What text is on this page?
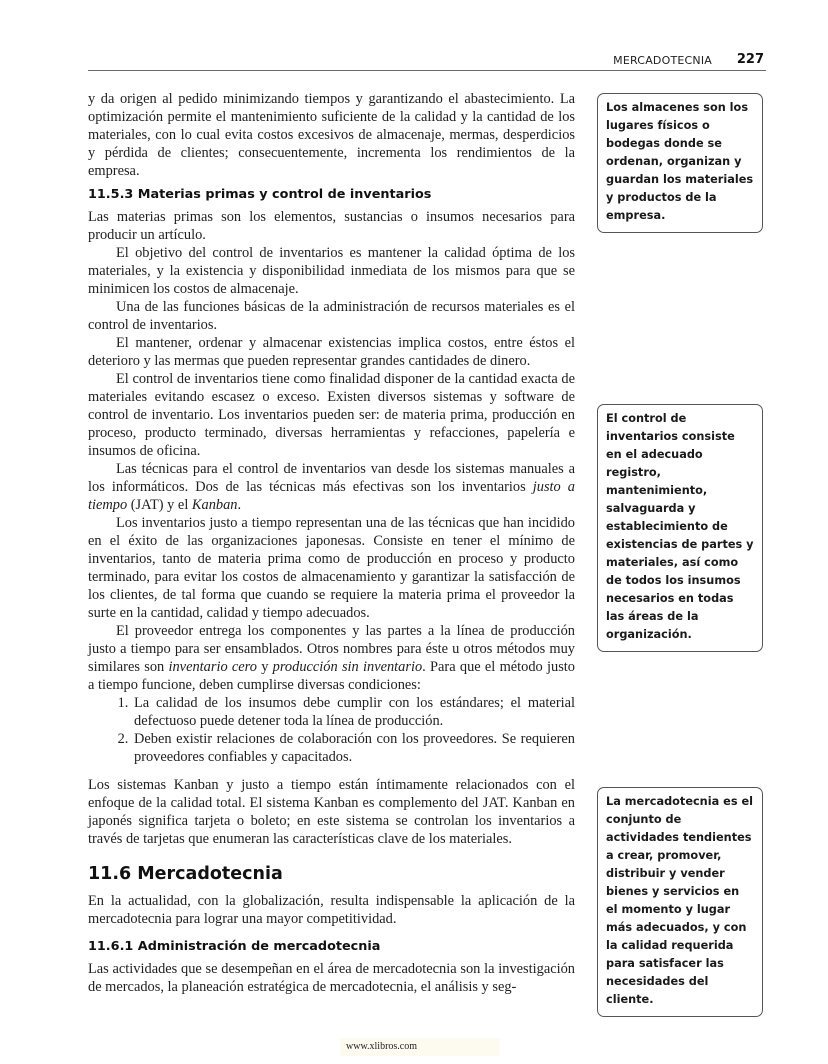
MERCADOTECNIA 227

y da origen al pedido minimizando tiempos y garantizando el abastecimiento. La optimización permite el mantenimiento suficiente de la calidad y la cantidad de los materiales, con lo cual evita costos excesivos de almacenaje, mermas, desperdicios y pérdida de clientes; consecuentemente, incrementa los rendimientos de la empresa.

11.5.3 Materias primas y control de inventarios

Las materias primas son los elementos, sustancias o insumos necesarios para producir un artículo.

El objetivo del control de inventarios es mantener la calidad óptima de los materiales, y la existencia y disponibilidad inmediata de los mismos para que se minimicen los costos de almacenaje.

Una de las funciones básicas de la administración de recursos materiales es el control de inventarios.

El mantener, ordenar y almacenar existencias implica costos, entre éstos el deterioro y las mermas que pueden representar grandes cantidades de dinero.

El control de inventarios tiene como finalidad disponer de la cantidad exacta de materiales evitando escasez o exceso. Existen diversos sistemas y software de control de inventario. Los inventarios pueden ser: de materia prima, producción en proceso, producto terminado, diversas herramientas y refacciones, papelería e insumos de oficina.

Las técnicas para el control de inventarios van desde los sistemas manuales a los informáticos. Dos de las técnicas más efectivas son los inventarios justo a tiempo (JAT) y el Kanban.

Los inventarios justo a tiempo representan una de las técnicas que han incidido en el éxito de las organizaciones japonesas. Consiste en tener el mínimo de inventarios, tanto de materia prima como de producción en proceso y producto terminado, para evitar los costos de almacenamiento y garantizar la satisfacción de los clientes, de tal forma que cuando se requiere la materia prima el proveedor la surte en la cantidad, calidad y tiempo adecuados.

El proveedor entrega los componentes y las partes a la línea de producción justo a tiempo para ser ensamblados. Otros nombres para éste u otros métodos muy similares son inventario cero y producción sin inventario. Para que el método justo a tiempo funcione, deben cumplirse diversas condiciones:

1. La calidad de los insumos debe cumplir con los estándares; el material defectuoso puede detener toda la línea de producción.
2. Deben existir relaciones de colaboración con los proveedores. Se requieren proveedores confiables y capacitados.

Los sistemas Kanban y justo a tiempo están íntimamente relacionados con el enfoque de la calidad total. El sistema Kanban es complemento del JAT. Kanban en japonés significa tarjeta o boleto; en este sistema se controlan los inventarios a través de tarjetas que enumeran las características clave de los materiales.

11.6 Mercadotecnia

En la actualidad, con la globalización, resulta indispensable la aplicación de la mercadotecnia para lograr una mayor competitividad.

11.6.1 Administración de mercadotecnia

Las actividades que se desempeñan en el área de mercadotecnia son la investigación de mercados, la planeación estratégica de mercadotecnia, el análisis y seg-

Los almacenes son los lugares físicos o bodegas donde se ordenan, organizan y guardan los materiales y productos de la empresa.
El control de inventarios consiste en el adecuado registro, mantenimiento, salvaguarda y establecimiento de existencias de partes y materiales, así como de todos los insumos necesarios en todas las áreas de la organización.
La mercadotecnia es el conjunto de actividades tendientes a crear, promover, distribuir y vender bienes y servicios en el momento y lugar más adecuados, y con la calidad requerida para satisfacer las necesidades del cliente.
www.xlibros.com
